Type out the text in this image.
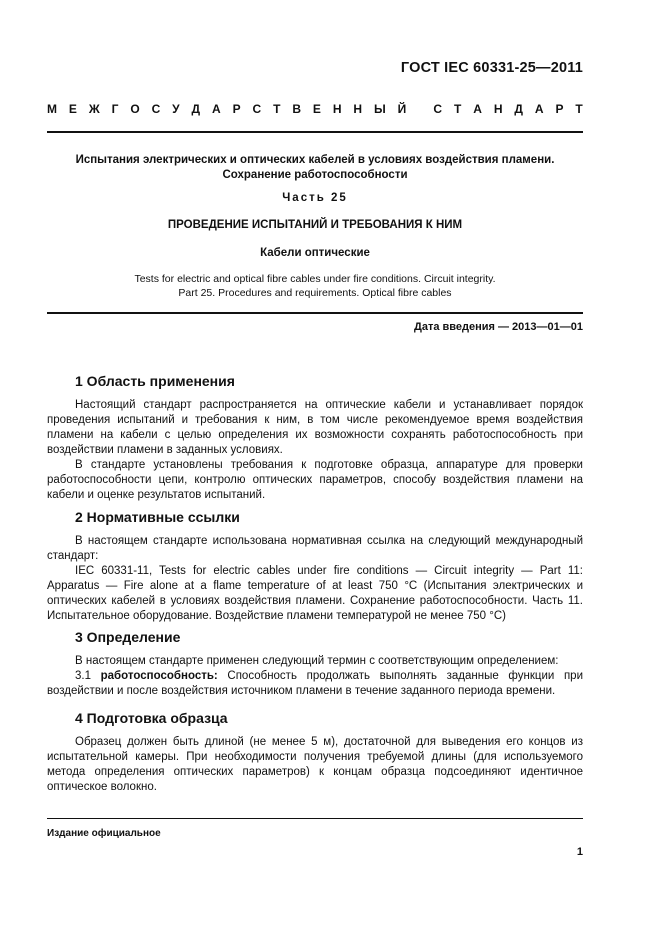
ГОСТ IEC 60331-25—2011
М Е Ж Г О С У Д А Р С Т В Е Н Н Ы Й
С Т А Н Д А Р Т
Испытания электрических и оптических кабелей в условиях воздействия пламени.
Сохранение работоспособности
Часть 25
ПРОВЕДЕНИЕ ИСПЫТАНИЙ И ТРЕБОВАНИЯ К НИМ
Кабели оптические
Tests for electric and optical fibre cables under fire conditions. Circuit integrity.
Part 25. Procedures and requirements. Optical fibre cables
Дата введения — 2013—01—01
1 Область применения

Настоящий стандарт распространяется на оптические кабели и устанавливает порядок проведения испытаний и требования к ним, в том числе рекомендуемое время воздействия пламени на кабели с целью определения их возможности сохранять работоспособность при воздействии пламени в заданных условиях.

В стандарте установлены требования к подготовке образца, аппаратуре для проверки работоспособности цепи, контролю оптических параметров, способу воздействия пламени на кабели и оценке результатов испытаний.

2 Нормативные ссылки

В настоящем стандарте использована нормативная ссылка на следующий международный стандарт:

IEC 60331-11, Tests for electric cables under fire conditions — Circuit integrity — Part 11: Apparatus — Fire alone at a flame temperature of at least 750 °С (Испытания электрических и оптических кабелей в условиях воздействия пламени. Сохранение работоспособности. Часть 11. Испытательное оборудование. Воздействие пламени температурой не менее 750 °С)

3 Определение

В настоящем стандарте применен следующий термин с соответствующим определением:

3.1 работоспособность: Способность продолжать выполнять заданные функции при воздействии и после воздействия источником пламени в течение заданного периода времени.

4 Подготовка образца

Образец должен быть длиной (не менее 5 м), достаточной для выведения его концов из испытательной камеры. При необходимости получения требуемой длины (для используемого метода определения оптических параметров) к концам образца подсоединяют идентичное оптическое волокно.

Издание официальное
1
